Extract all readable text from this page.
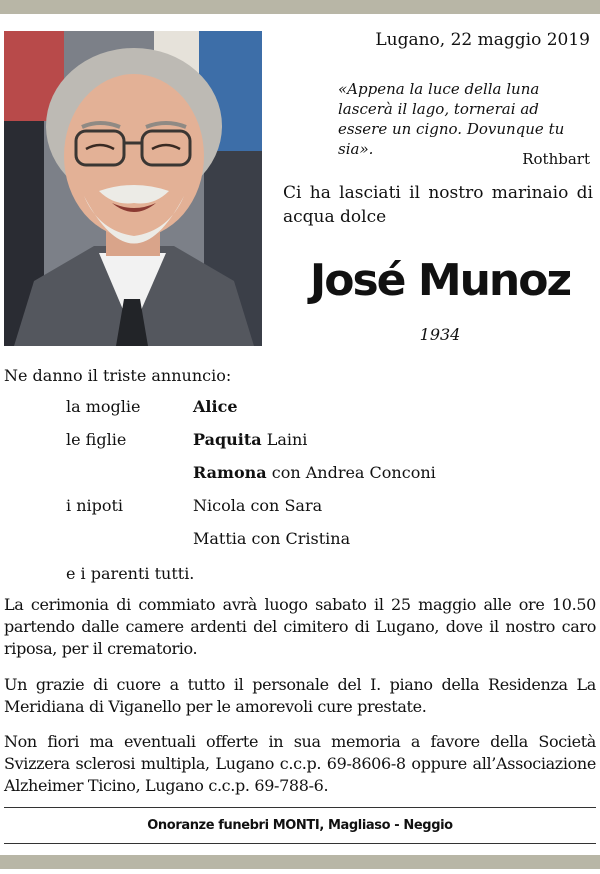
Lugano, 22 maggio 2019
«Appena la luce della luna lascerà il lago, tornerai ad essere un cigno. Dovunque tu sia».
Rothbart
Ci ha lasciati il nostro marinaio di acqua dolce
José Munoz
1934
Ne danno il triste annuncio:
la moglie	Alice
le figlie	Paquita Laini
Ramona con Andrea Conconi
i nipoti	Nicola con Sara
Mattia con Cristina
e i parenti tutti.
La cerimonia di commiato avrà luogo sabato il 25 maggio alle ore 10.50 partendo dalle camere ardenti del cimitero di Lugano, dove il nostro caro riposa, per il crematorio.
Un grazie di cuore a tutto il personale del I. piano della Residenza La Meridiana di Viganello per le amorevoli cure prestate.
Non fiori ma eventuali offerte in sua memoria a favore della Società Svizzera sclerosi multipla, Lugano c.c.p. 69-8606-8 oppure all’Associazione Alzheimer Ticino, Lugano c.c.p. 69-788-6.
Onoranze funebri MONTI, Magliaso - Neggio
